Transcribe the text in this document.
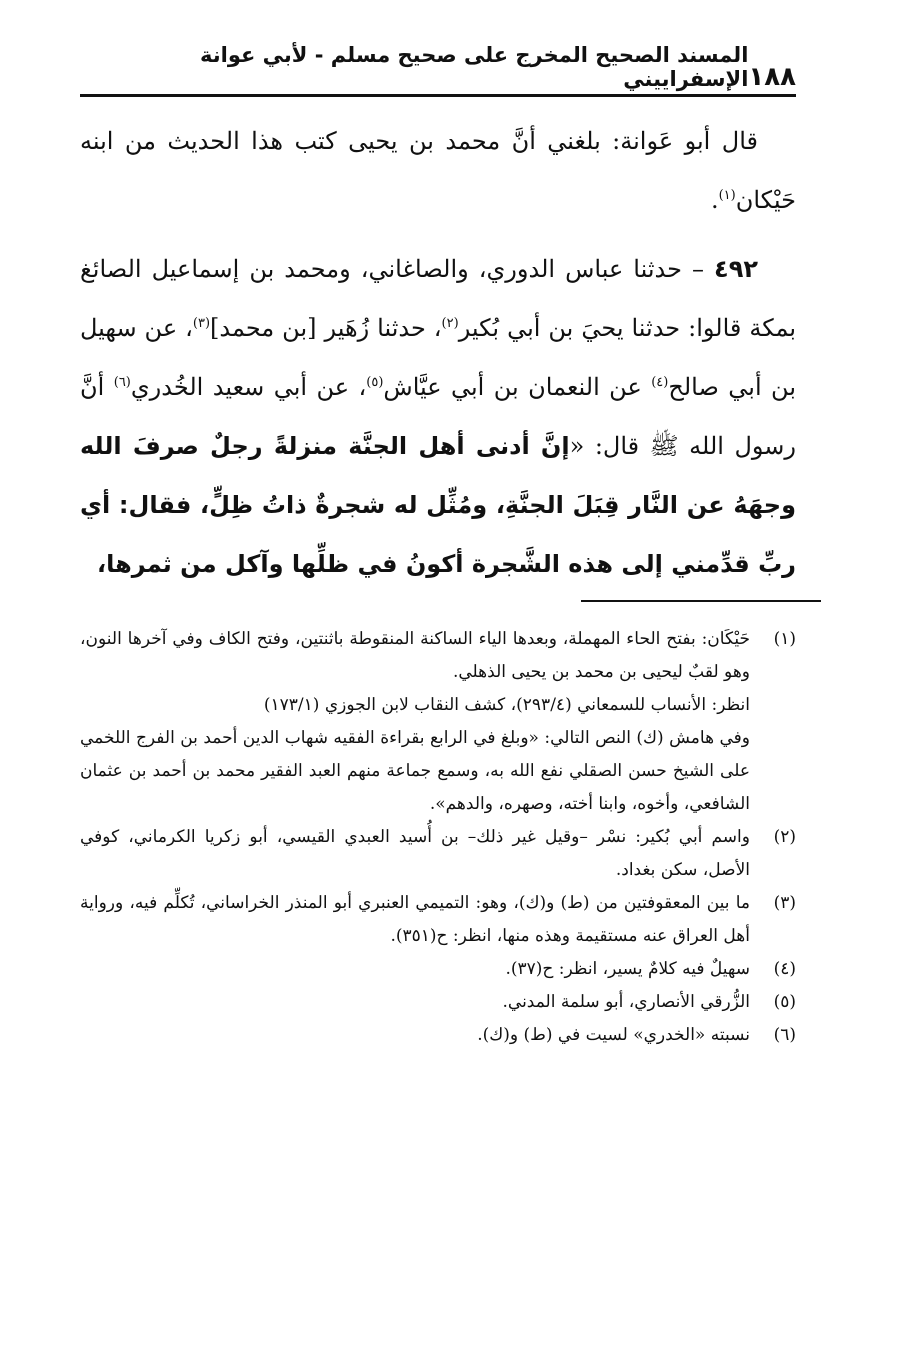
١٨٨
المسند الصحيح المخرج على صحيح مسلم - لأبي عوانة الإسفراييني

قال أبو عَوانة: بلغني أنَّ محمد بن يحيى كتب هذا الحديث من ابنه حَيْكان$^{(١)}$.

٤٩٢ – حدثنا عباس الدوري، والصاغاني، ومحمد بن إسماعيل الصائغ بمكة قالوا: حدثنا يحيَ بن أبي بُكير$^{(٢)}$، حدثنا زُهَير [بن محمد]$^{(٣)}$، عن سهيل بن أبي صالح$^{(٤)}$ عن النعمان بن أبي عيَّاش$^{(٥)}$، عن أبي سعيد الخُدري$^{(٦)}$ أنَّ رسول الله ﷺ قال: «إنَّ أدنى أهل الجنَّة منزلةً رجلٌ صرفَ الله وجهَهُ عن النَّار قِبَلَ الجنَّةِ، ومُثِّل له شجرةٌ ذاتُ ظِلٍّ، فقال: أي ربِّ قدِّمني إلى هذه الشَّجرة أكونُ في ظلِّها وآكل من ثمرها،

(١)
حَيْكَان: بفتح الحاء المهملة، وبعدها الياء الساكنة المنقوطة باثنتين، وفتح الكاف وفي آخرها النون، وهو لقبٌ ليحيى بن محمد بن يحيى الذهلي.
انظر: الأنساب للسمعاني (٢٩٣/٤)، كشف النقاب لابن الجوزي (١٧٣/١)
وفي هامش (ك) النص التالي: «وبلغ في الرابع بقراءة الفقيه شهاب الدين أحمد بن الفرج اللخمي على الشيخ حسن الصقلي نفع الله به، وسمع جماعة منهم العبد الفقير محمد بن أحمد بن عثمان الشافعي، وأخوه، وابنا أخته، وصهره، والدهم».
(٢)
واسم أبي بُكير: نسْر –وقيل غير ذلك– بن أُسيد العبدي القيسي، أبو زكريا الكرماني، كوفي الأصل، سكن بغداد.
(٣)
ما بين المعقوفتين من (ط) و(ك)، وهو: التميمي العنبري أبو المنذر الخراساني، تُكلِّم فيه، ورواية أهل العراق عنه مستقيمة وهذه منها، انظر: ح(٣٥١).
(٤)
سهيلٌ فيه كلامٌ يسير، انظر: ح(٣٧).
(٥)
الزُّرقي الأنصاري، أبو سلمة المدني.
(٦)
نسبته «الخدري» لسيت في (ط) و(ك).
